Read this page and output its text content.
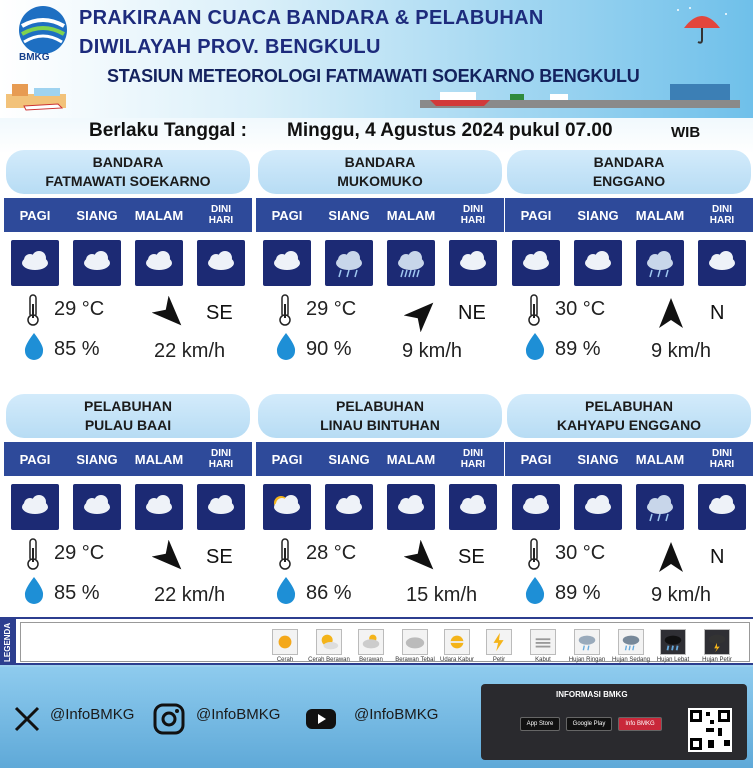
BMKG
PRAKIRAAN CUACA BANDARA & PELABUHAN
DIWILAYAH PROV. BENGKULU
STASIUN METEOROLOGI FATMAWATI SOEKARNO BENGKULU
Berlaku Tanggal : Minggu, 4 Agustus 2024 pukul 07.00	WIB
BANDARA
FATMAWATI SOEKARNO
PAGI	SIANG	MALAM	DINI
HARI
29 °C
85 %
SE
22 km/h
BANDARA
MUKOMUKO
PAGI	SIANG	MALAM	DINI
HARI
29 °C
90 %
NE
9 km/h
BANDARA
ENGGANO
PAGI	SIANG	MALAM	DINI
HARI
30 °C
89 %
N
9 km/h
PELABUHAN
PULAU BAAI
PAGI	SIANG	MALAM	DINI
HARI
29 °C
85 %
SE
22 km/h
PELABUHAN
LINAU BINTUHAN
PAGI	SIANG	MALAM	DINI
HARI
28 °C
86 %
SE
15 km/h
PELABUHAN
KAHYAPU ENGGANO
PAGI	SIANG	MALAM	DINI
HARI
30 °C
89 %
N
9 km/h
LEGENDA	Cerah	Cerah Berawan	Berawan	Berawan Tebal Udara Kabur	Petir	Kabut	Hujan Ringan	Hujan Sedang	Hujan Lebat	Hujan Petir
@InfoBMKG	@InfoBMKG	@InfoBMKG
INFORMASI BMKG
App Store	Google Play	Info BMKG
